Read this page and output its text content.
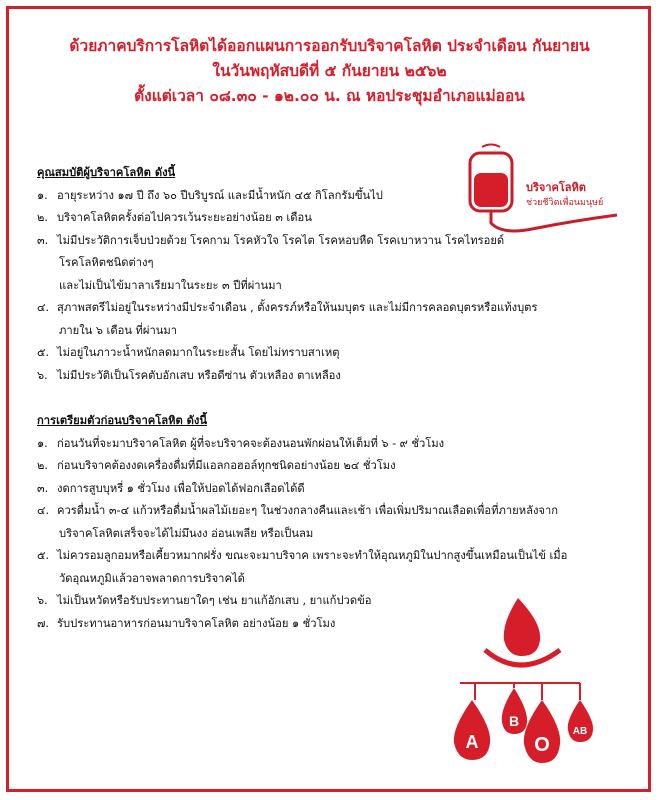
ด้วยภาคบริการโลหิตได้ออกแผนการออกรับบริจาคโลหิต ประจำเดือน กันยายน
ในวันพฤหัสบดีที่ ๕ กันยายน ๒๕๖๒
ตั้งแต่เวลา ๐๘.๓๐ - ๑๒.๐๐ น. ณ หอประชุมอำเภอแม่ออน
บริจาคโลหิต
ช่วยชีวิตเพื่อนมนุษย์
คุณสมบัติผู้บริจาคโลหิต ดังนี้
๑. อายุระหว่าง ๑๗ ปี ถึง ๖๐ ปีบริบูรณ์ และมีน้ำหนัก ๔๕ กิโลกรัมขึ้นไป
๒. บริจาคโลหิตครั้งต่อไปควรเว้นระยะอย่างน้อย ๓ เดือน
๓. ไม่มีประวัติการเจ็บป่วยด้วย โรคกาม โรคหัวใจ โรคไต โรคหอบหืด โรคเบาหวาน โรคไทรอยด์
โรคโลหิตชนิดต่างๆ
และไม่เป็นไข้มาลาเรียมาในระยะ ๓ ปีที่ผ่านมา
๔. สุภาพสตรีไม่อยู่ในระหว่างมีประจำเดือน , ตั้งครรภ์หรือให้นมบุตร และไม่มีการคลอดบุตรหรือแท้งบุตร
ภายใน ๖ เดือน ที่ผ่านมา
๕. ไม่อยู่ในภาวะน้ำหนักลดมากในระยะสั้น โดยไม่ทราบสาเหตุ
๖. ไม่มีประวัติเป็นโรคตับอักเสบ หรือดีซ่าน ตัวเหลือง ตาเหลือง
การเตรียมตัวก่อนบริจาคโลหิต ดังนี้
๑. ก่อนวันที่จะมาบริจาคโลหิต ผู้ที่จะบริจาคจะต้องนอนพักผ่อนให้เต็มที่ ๖ - ๙ ชั่วโมง
๒. ก่อนบริจาคต้องงดเครื่องดื่มที่มีแอลกอฮอล์ทุกชนิดอย่างน้อย ๒๔ ชั่วโมง
๓. งดการสูบบุหรี่ ๑ ชั่วโมง เพื่อให้ปอดได้ฟอกเลือดได้ดี
๔. ควรดื่มน้ำ ๓-๔ แก้วหรือดื่มน้ำผลไม้เยอะๆ ในช่วงกลางคืนและเช้า เพื่อเพิ่มปริมาณเลือดเพื่อที่ภายหลังจาก
บริจาคโลหิตเสร็จจะได้ไม่มึนงง อ่อนเพลีย หรือเป็นลม
๕. ไม่ควรอมลูกอมหรือเคี้ยวหมากฝรั่ง ขณะจะมาบริจาค เพราะจะทำให้อุณหภูมิในปากสูงขึ้นเหมือนเป็นไข้ เมื่อ
วัดอุณหภูมิแล้วอาจพลาดการบริจาคได้
๖. ไม่เป็นหวัดหรือรับประทานยาใดๆ เช่น ยาแก้อักเสบ , ยาแก้ปวดข้อ
๗. รับประทานอาหารก่อนมาบริจาคโลหิต อย่างน้อย ๑ ชั่วโมง
A
B
O
AB
